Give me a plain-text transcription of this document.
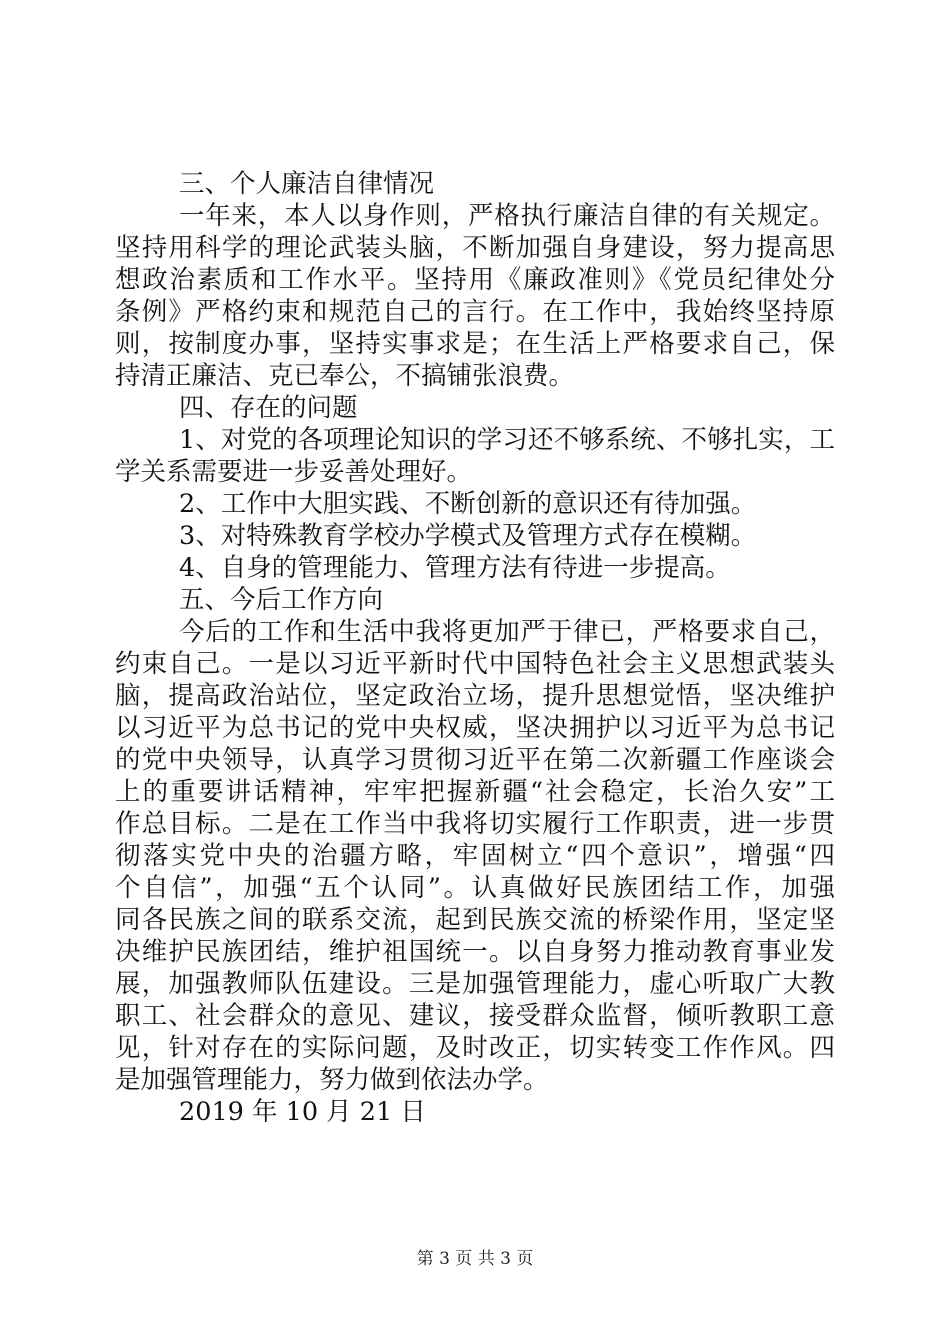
三、个人廉洁自律情况

一年来，本人以身作则，严格执行廉洁自律的有关规定。

坚持用科学的理论武装头脑，不断加强自身建设，努力提高思

想政治素质和工作水平。坚持用《廉政准则》《党员纪律处分

条例》严格约束和规范自己的言行。在工作中，我始终坚持原

则，按制度办事，坚持实事求是；在生活上严格要求自己，保

持清正廉洁、克已奉公，不搞铺张浪费。

四、存在的问题

1、对党的各项理论知识的学习还不够系统、不够扎实，工

学关系需要进一步妥善处理好。

2、工作中大胆实践、不断创新的意识还有待加强。

3、对特殊教育学校办学模式及管理方式存在模糊。

4、自身的管理能力、管理方法有待进一步提高。

五、今后工作方向

今后的工作和生活中我将更加严于律已，严格要求自己，

约束自己。一是以习近平新时代中国特色社会主义思想武装头

脑，提高政治站位，坚定政治立场，提升思想觉悟，坚决维护

以习近平为总书记的党中央权威，坚决拥护以习近平为总书记

的党中央领导，认真学习贯彻习近平在第二次新疆工作座谈会

上的重要讲话精神，牢牢把握新疆“社会稳定，长治久安”工

作总目标。二是在工作当中我将切实履行工作职责，进一步贯

彻落实党中央的治疆方略，牢固树立“四个意识”，增强“四

个自信”，加强“五个认同”。认真做好民族团结工作，加强

同各民族之间的联系交流，起到民族交流的桥梁作用，坚定坚

决维护民族团结，维护祖国统一。以自身努力推动教育事业发

展，加强教师队伍建设。三是加强管理能力，虚心听取广大教

职工、社会群众的意见、建议，接受群众监督，倾听教职工意

见，针对存在的实际问题，及时改正，切实转变工作作风。四

是加强管理能力，努力做到依法办学。

2019 年 10 月 21 日

第 3 页 共 3 页
